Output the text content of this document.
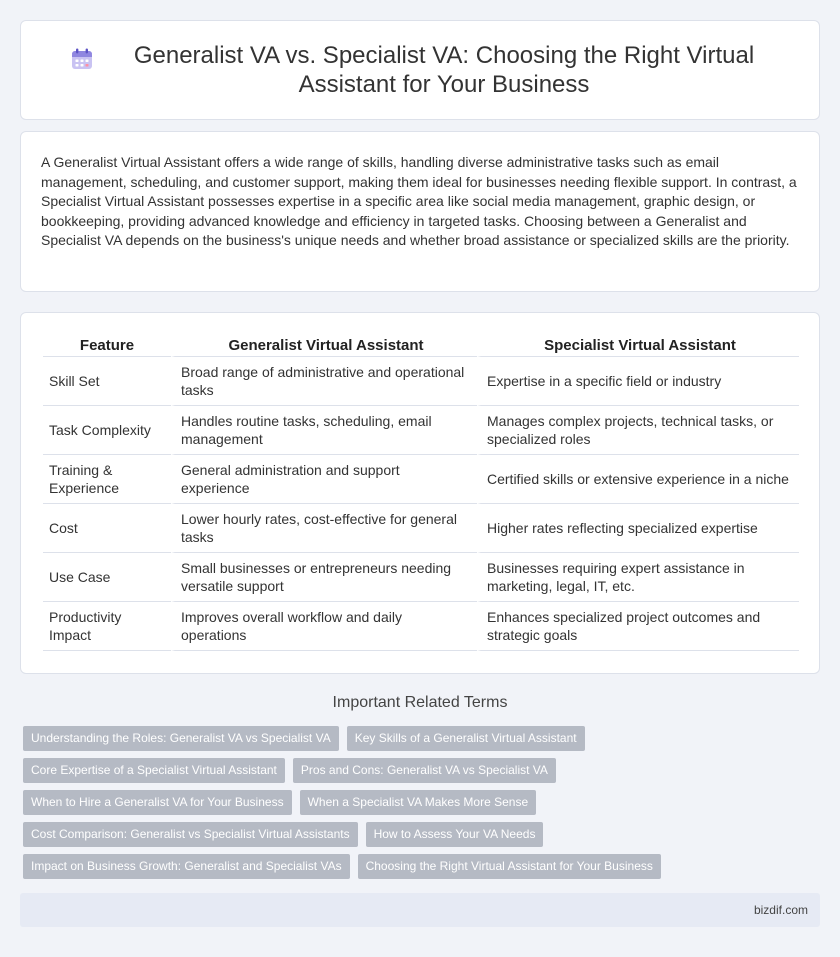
Generalist VA vs. Specialist VA: Choosing the Right Virtual Assistant for Your Business

A Generalist Virtual Assistant offers a wide range of skills, handling diverse administrative tasks such as email management, scheduling, and customer support, making them ideal for businesses needing flexible support. In contrast, a Specialist Virtual Assistant possesses expertise in a specific area like social media management, graphic design, or bookkeeping, providing advanced knowledge and efficiency in targeted tasks. Choosing between a Generalist and Specialist VA depends on the business's unique needs and whether broad assistance or specialized skills are the priority.

Feature	Generalist Virtual Assistant	Specialist Virtual Assistant
Skill Set	Broad range of administrative and operational tasks	Expertise in a specific field or industry
Task Complexity	Handles routine tasks, scheduling, email management	Manages complex projects, technical tasks, or specialized roles
Training & Experience	General administration and support experience	Certified skills or extensive experience in a niche
Cost	Lower hourly rates, cost-effective for general tasks	Higher rates reflecting specialized expertise
Use Case	Small businesses or entrepreneurs needing versatile support	Businesses requiring expert assistance in marketing, legal, IT, etc.
Productivity Impact	Improves overall workflow and daily operations	Enhances specialized project outcomes and strategic goals
Important Related Terms
Understanding the Roles: Generalist VA vs Specialist VA	Key Skills of a Generalist Virtual Assistant
Core Expertise of a Specialist Virtual Assistant	Pros and Cons: Generalist VA vs Specialist VA
When to Hire a Generalist VA for Your Business	When a Specialist VA Makes More Sense
Cost Comparison: Generalist vs Specialist Virtual Assistants	How to Assess Your VA Needs
Impact on Business Growth: Generalist and Specialist VAs	Choosing the Right Virtual Assistant for Your Business
bizdif.com
